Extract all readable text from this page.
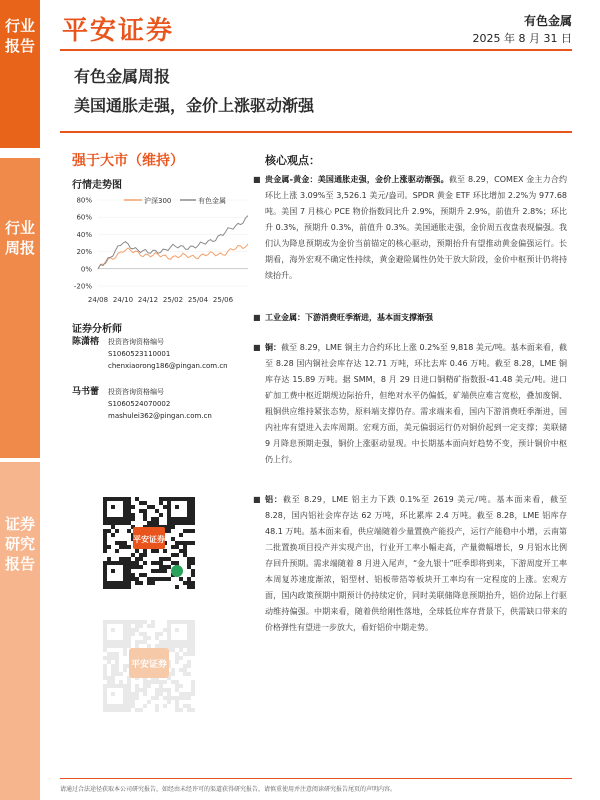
行业报告
行业周报
证券研究报告
平安证券	有色金属
2025 年 8 月 31 日
有色金属周报
美国通胀走强，金价上涨驱动渐强
强于大市（维持）
行情走势图
80%
60%
40%
20%
0%
-20%
24/08 24/10 24/12 25/02 25/04 25/06
沪深300	有色金属
证券分析师
陈潇榕 投资咨询资格编号
S1060523110001
chenxiaorong186@pingan.com.cn
马书蕾 投资咨询资格编号
S1060524070002
mashulei362@pingan.com.cn
平安证券
平安证券
核心观点：
■ 贵金属-黄金：美国通胀走强，金价上涨驱动渐强。截至 8.29，COMEX 金主力合约环比上涨 3.09%至 3,526.1 美元/盎司。SPDR 黄金 ETF 环比增加 2.2%为 977.68 吨。美国 7 月核心 PCE 物价指数同比升 2.9%，预期升 2.9%，前值升 2.8%；环比升 0.3%，预期升 0.3%，前值升 0.3%。美国通胀走强，金价周五夜盘表现偏强。我们认为降息预期或为金价当前锚定的核心驱动，预期抬升有望推动黄金偏强运行。长期看，海外宏观不确定性持续，黄金避险属性仍处于放大阶段，金价中枢预计仍将持续抬升。
■ 工业金属：下游消费旺季渐进，基本面支撑渐强
■ 铜：截至 8.29，LME 铜主力合约环比上涨 0.2%至 9,818 美元/吨。基本面来看，截至 8.28 国内铜社会库存达 12.71 万吨，环比去库 0.46 万吨。截至 8.28，LME 铜库存达 15.89 万吨。据 SMM，8 月 29 日进口铜精矿指数报-41.48 美元/吨。进口矿加工费中枢近期规边际抬升，但绝对水平仍偏低，矿端供应难言宽松，叠加废铜、粗铜供应维持紧张态势，原料端支撑仍存。需求端来看，国内下游消费旺季渐进，国内社库有望进入去库周期。宏观方面，美元偏弱运行仍对铜价起到一定支撑；美联储 9 月降息预期走强，铜价上涨驱动显现。中长期基本面向好趋势不变，预计铜价中枢仍上行。
■ 铝：截至 8.29，LME 铝主力下跌 0.1%至 2619 美元/吨。基本面来看，截至 8.28，国内铝社会库存达 62 万吨，环比累库 2.4 万吨。截至 8.28，LME 铝库存 48.1 万吨。基本面来看，供应端随着少量置换产能投产，运行产能稳中小增，云南第二批置换项目投产并实现产出，行业开工率小幅走高，产量微幅增长，9 月铝水比例存回升预期。需求端随着 8 月进入尾声，“金九银十”旺季即将到来，下游周度开工率本周复苏速度渐浓，铝型材、铝板带箔等板块开工率均有一定程度的上涨。宏观方面，国内政策预期中期预计仍持续定价，同时美联储降息预期抬升，铝价边际上行驱动维持偏强。中期来看，随着供给刚性落地，全球低位库存背景下，供需缺口带来的价格弹性有望进一步放大，看好铝价中期走势。
请通过合法途径获取本公司研究报告，如经由未经许可的渠道获得研究报告，请慎重使用并注意阅读研究报告尾页的声明内容。
